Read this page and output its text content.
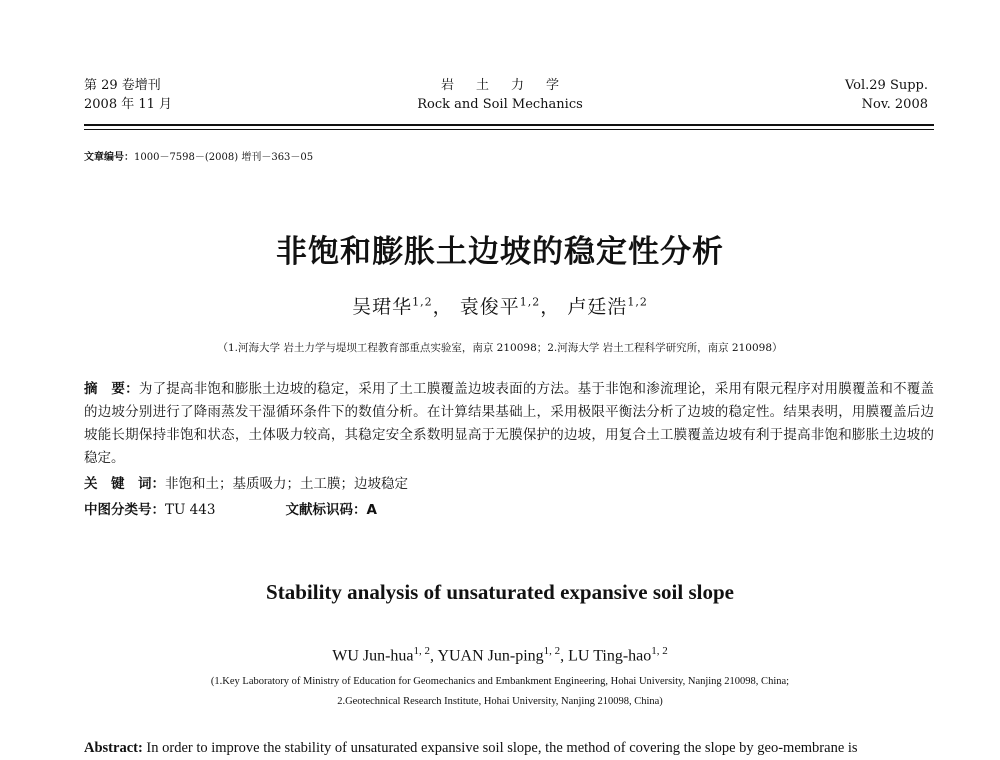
第 29 卷增刊
2008 年 11 月
岩土力学
Rock and Soil Mechanics
Vol.29 Supp.
Nov. 2008
文章编号：1000－7598－(2008) 增刊－363－05
非饱和膨胀土边坡的稳定性分析
吴珺华$^{1,2}$， 袁俊平$^{1,2}$， 卢廷浩$^{1,2}$
（1.河海大学 岩土力学与堤坝工程教育部重点实验室，南京 210098；2.河海大学 岩土工程科学研究所，南京 210098）
摘　要：为了提高非饱和膨胀土边坡的稳定，采用了土工膜覆盖边坡表面的方法。基于非饱和渗流理论，采用有限元程序对用膜覆盖和不覆盖的边坡分别进行了降雨蒸发干湿循环条件下的数值分析。在计算结果基础上，采用极限平衡法分析了边坡的稳定性。结果表明，用膜覆盖后边坡能长期保持非饱和状态，土体吸力较高，其稳定安全系数明显高于无膜保护的边坡，用复合土工膜覆盖边坡有利于提高非饱和膨胀土边坡的稳定。
关　键　词：非饱和土；基质吸力；土工膜；边坡稳定
中图分类号：TU 443	文献标识码：A
Stability analysis of unsaturated expansive soil slope
WU Jun-hua$^{1, 2}$, YUAN Jun-ping$^{1, 2}$, LU Ting-hao$^{1, 2}$
(1.Key Laboratory of Ministry of Education for Geomechanics and Embankment Engineering, Hohai University, Nanjing 210098, China;
2.Geotechnical Research Institute, Hohai University, Nanjing 210098, China)
Abstract: In order to improve the stability of unsaturated expansive soil slope, the method of covering the slope by geo-membrane is
